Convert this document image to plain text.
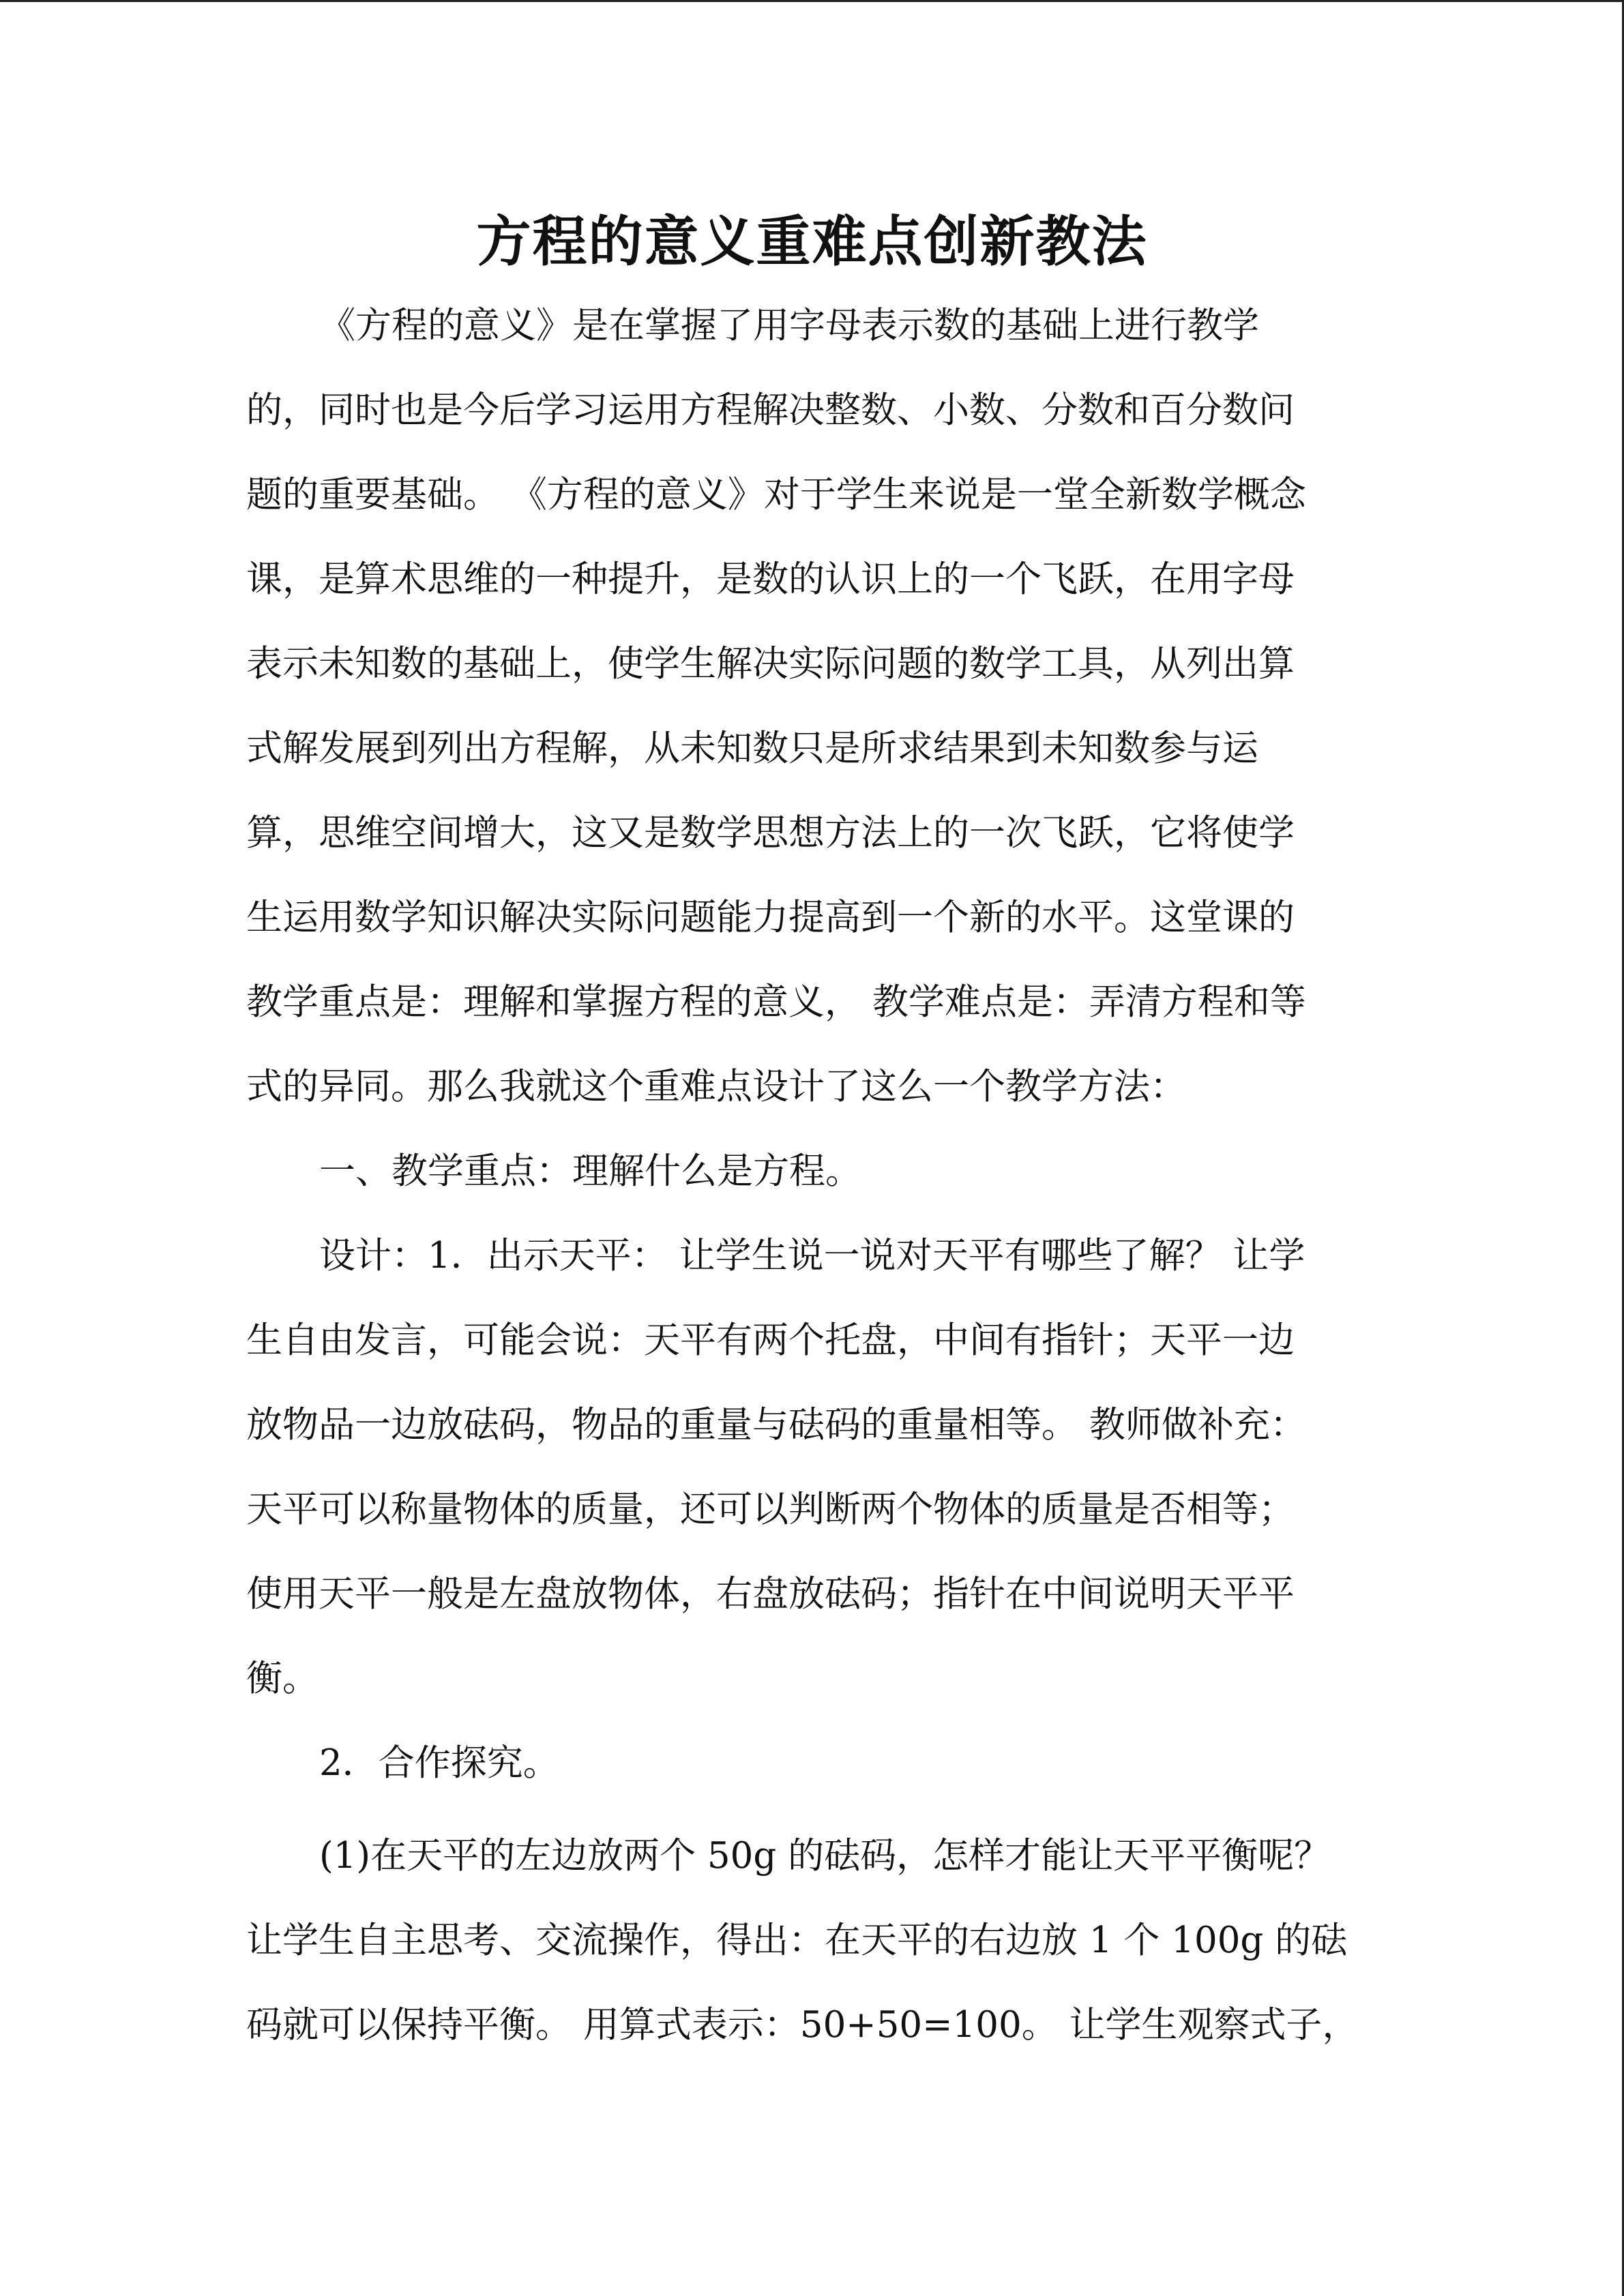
方程的意义重难点创新教法

《方程的意义》是在掌握了用字母表示数的基础上进行教学

的，同时也是今后学习运用方程解决整数、小数、分数和百分数问

题的重要基础。 《方程的意义》对于学生来说是一堂全新数学概念

课，是算术思维的一种提升，是数的认识上的一个飞跃，在用字母

表示未知数的基础上，使学生解决实际问题的数学工具，从列出算

式解发展到列出方程解，从未知数只是所求结果到未知数参与运

算，思维空间增大，这又是数学思想方法上的一次飞跃，它将使学

生运用数学知识解决实际问题能力提高到一个新的水平。这堂课的

教学重点是：理解和掌握方程的意义， 教学难点是：弄清方程和等

式的异同。那么我就这个重难点设计了这么一个教学方法：

一、教学重点：理解什么是方程。

设计：1．出示天平： 让学生说一说对天平有哪些了解？ 让学

生自由发言，可能会说：天平有两个托盘，中间有指针；天平一边

放物品一边放砝码，物品的重量与砝码的重量相等。 教师做补充：

天平可以称量物体的质量，还可以判断两个物体的质量是否相等；

使用天平一般是左盘放物体，右盘放砝码；指针在中间说明天平平

衡。

2．合作探究。

(1)在天平的左边放两个 50g 的砝码，怎样才能让天平平衡呢？

让学生自主思考、交流操作，得出：在天平的右边放 1 个 100g 的砝

码就可以保持平衡。 用算式表示：50+50=100。 让学生观察式子，
